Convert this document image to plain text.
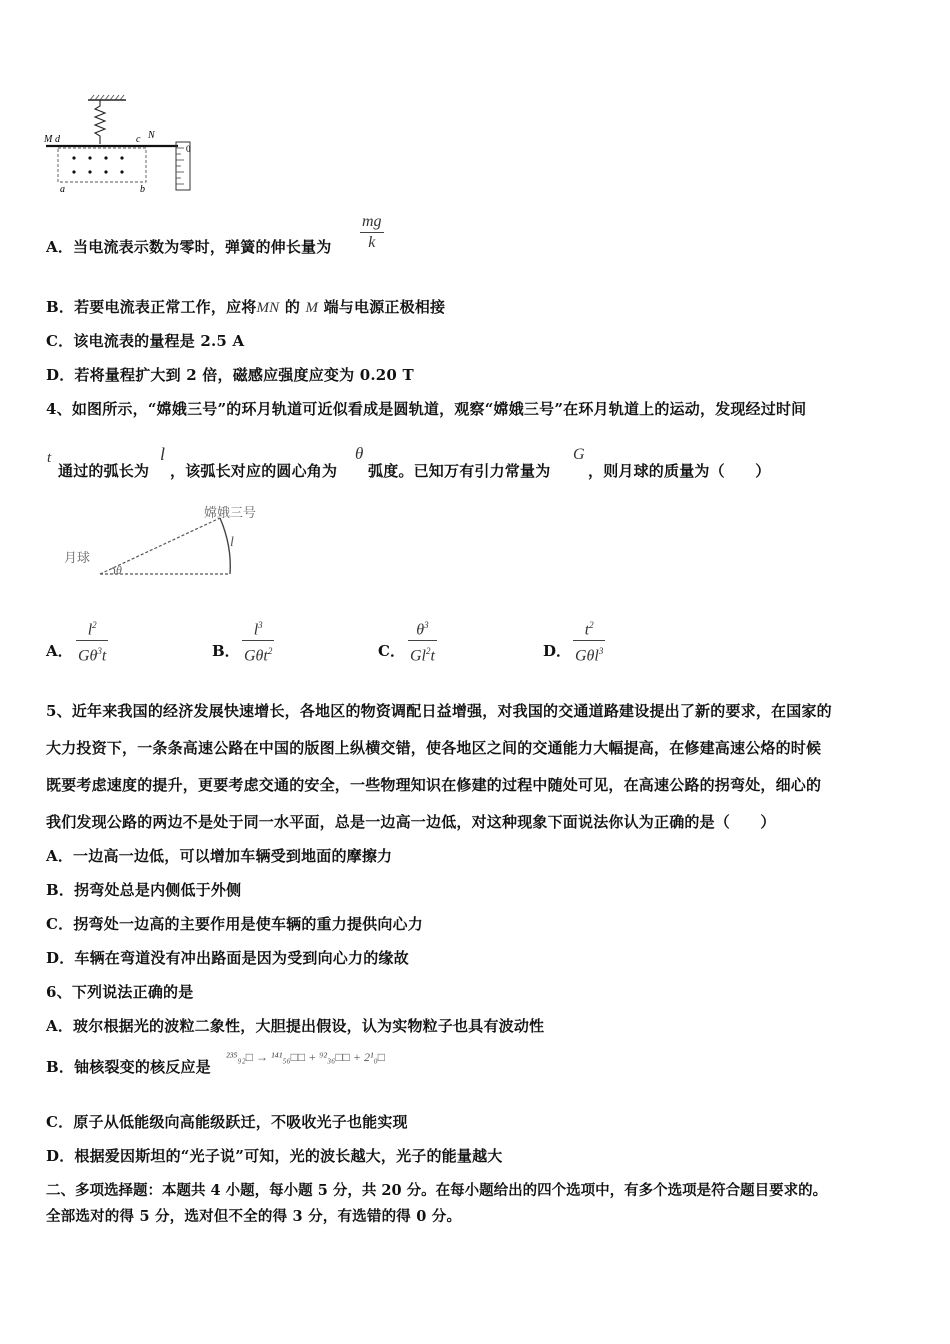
M d	c N
a	b
0
A．当电流表示数为零时，弹簧的伸长量为
mg
k
B．若要电流表正常工作，应将MN 的 M 端与电源正极相接
C．该电流表的量程是 2.5 A
D．若将量程扩大到 2 倍，磁感应强度应变为 0.20 T
4、如图所示，“嫦娥三号”的环月轨道可近似看成是圆轨道，观察“嫦娥三号”在环月轨道上的运动，发现经过时间
t
通过的弧长为
l
，该弧长对应的圆心角为
θ
弧度。已知万有引力常量为
G
，则月球的质量为（　　）
月球
嫦娥三号
l
θ
A．
$l^2$
$G\theta^3t$	B．
$l^3$
Gθt$^2$	C．
$\theta^3$
Gl$^2$t	D．
$t^2$
Gθl$^3$
5、近年来我国的经济发展快速增长，各地区的物资调配日益增强，对我国的交通道路建设提出了新的要求，在国家的
大力投资下，一条条高速公路在中国的版图上纵横交错，使各地区之间的交通能力大幅提高，在修建高速公烙的时候
既要考虑速度的提升，更要考虑交通的安全，一些物理知识在修建的过程中随处可见，在高速公路的拐弯处，细心的
我们发现公路的两边不是处于同一水平面，总是一边高一边低，对这种现象下面说法你认为正确的是（　　）
A．一边高一边低，可以增加车辆受到地面的摩擦力
B．拐弯处总是内侧低于外侧
C．拐弯处一边高的主要作用是使车辆的重力提供向心力
D．车辆在弯道没有冲出路面是因为受到向心力的缘故
6、下列说法正确的是
A．玻尔根据光的波粒二象性，大胆提出假设，认为实物粒子也具有波动性
B．铀核裂变的核反应是
²³⁵₉₂□ → ¹⁴¹₅₆□□ + ⁹²₃₆□□ + 2¹₀□
C．原子从低能级向高能级跃迁，不吸收光子也能实现
D．根据爱因斯坦的“光子说”可知，光的波长越大，光子的能量越大
二、多项选择题：本题共 4 小题，每小题 5 分，共 20 分。在每小题给出的四个选项中，有多个选项是符合题目要求的。
全部选对的得 5 分，选对但不全的得 3 分，有选错的得 0 分。
